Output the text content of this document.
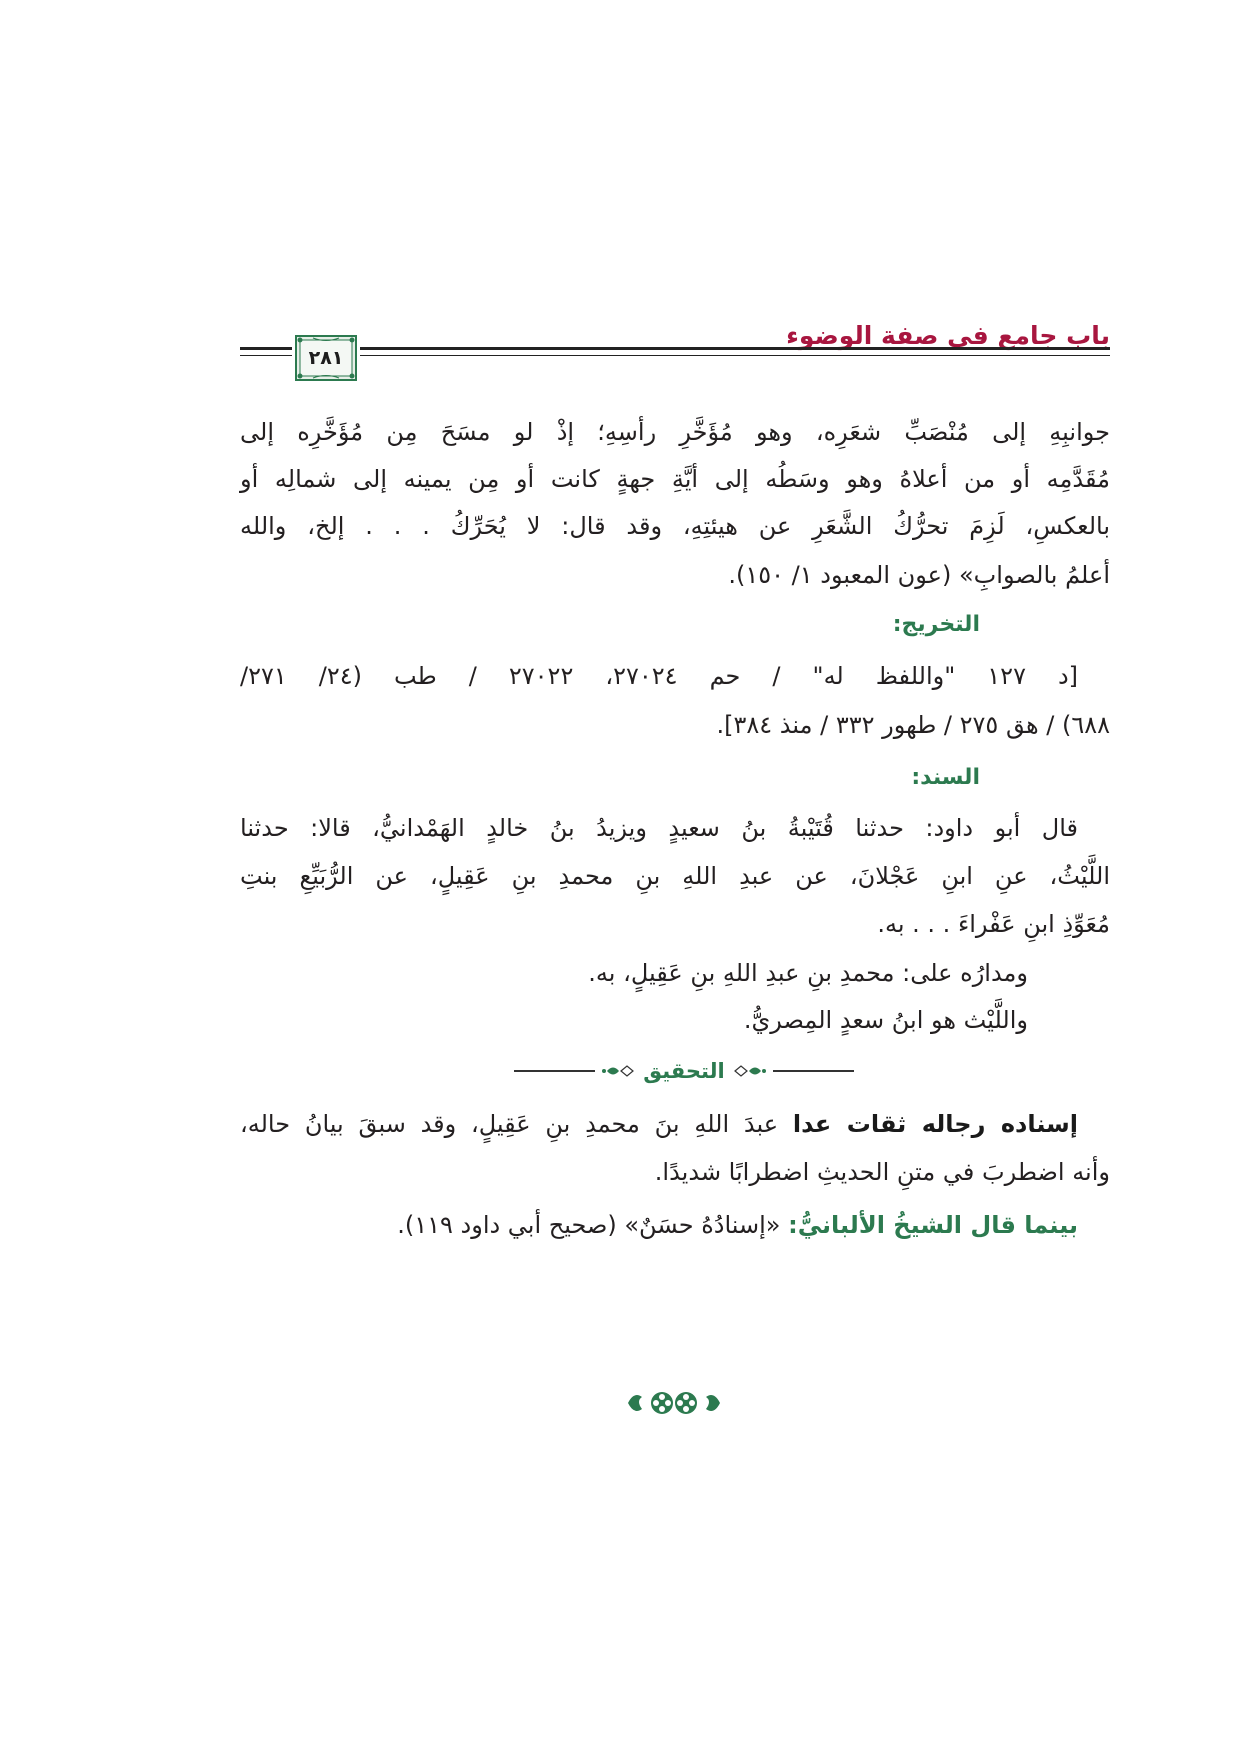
باب جامع في صفة الوضوء
٢٨١
جوانبِهِ إلى مُنْصَبِّ شعَرِه، وهو مُؤَخَّرِ رأسِهِ؛ إذْ لو مسَحَ مِن مُؤَخَّرِه إلى
مُقَدَّمِه أو من أعلاهُ وهو وسَطُه إلى أيَّةِ جهةٍ كانت أو مِن يمينه إلى شمالِه أو
بالعكسِ، لَزِمَ تحرُّكُ الشَّعَرِ عن هيئتِهِ، وقد قال: لا يُحَرِّكُ . . . إلخ، والله
أعلمُ بالصوابِ» (عون المعبود ١/ ١٥٠).
التخريج:
[د ١٢٧ "واللفظ له" / حم ٢٧٠٢٤، ٢٧٠٢٢ / طب (٢٤/ ٢٧١/
٦٨٨) / هق ٢٧٥ / طهور ٣٣٢ / منذ ٣٨٤].
السند:
قال أبو داود: حدثنا قُتَيْبةُ بنُ سعيدٍ ويزيدُ بنُ خالدٍ الهَمْدانيُّ، قالا: حدثنا
اللَّيْثُ، عنِ ابنِ عَجْلانَ، عن عبدِ اللهِ بنِ محمدِ بنِ عَقِيلٍ، عن الرُّبَيِّعِ بنتِ
مُعَوِّذِ ابنِ عَفْراءَ . . . به.
ومدارُه على: محمدِ بنِ عبدِ اللهِ بنِ عَقِيلٍ، به.
واللَّيْث هو ابنُ سعدٍ المِصريُّ.
التحقيق
إسناده رجاله ثقات عدا عبدَ اللهِ بنَ محمدِ بنِ عَقِيلٍ، وقد سبقَ بيانُ حاله،
وأنه اضطربَ في متنِ الحديثِ اضطرابًا شديدًا.
بينما قال الشيخُ الألبانيُّ: «إسنادُهُ حسَنٌ» (صحيح أبي داود ١١٩).
